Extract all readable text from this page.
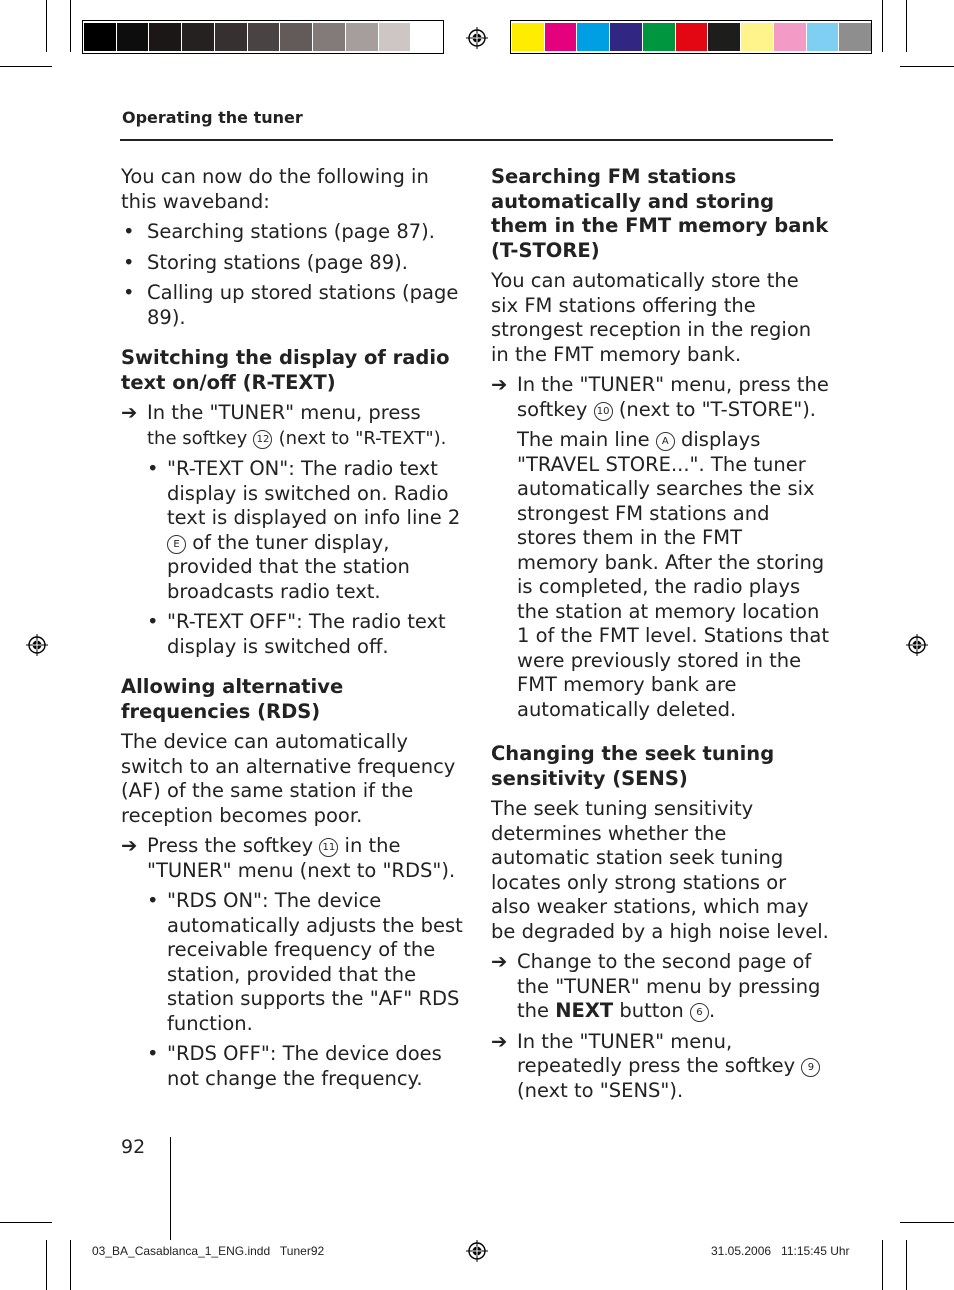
Operating the tuner

You can now do the following in this waveband:

• Searching stations (page 87).

• Storing stations (page 89).

• Calling up stored stations (page 89).

Switching the display of radio text on/off (R-TEXT)

➔ In the "TUNER" menu, press
the softkey 12 (next to "R-TEXT").

• "R-TEXT ON": The radio text display is switched on. Radio text is displayed on info line 2 E of the tuner display, provided that the station broadcasts radio text.

• "R-TEXT OFF": The radio text display is switched off.

Allowing alternative frequencies (RDS)

The device can automatically switch to an alternative frequency (AF) of the same station if the reception becomes poor.

➔ Press the softkey 11 in the "TUNER" menu (next to "RDS").

• "RDS ON": The device automatically adjusts the best receivable frequency of the station, provided that the station supports the "AF" RDS function.

• "RDS OFF": The device does not change the frequency.

Searching FM stations automatically and storing them in the FMT memory bank (T-STORE)

You can automatically store the six FM stations offering the strongest reception in the region in the FMT memory bank.

➔ In the "TUNER" menu, press the softkey 10 (next to "T-STORE").

The main line A displays "TRAVEL STORE...". The tuner automatically searches the six strongest FM stations and stores them in the FMT memory bank. After the storing is completed, the radio plays the station at memory location 1 of the FMT level. Stations that were previously stored in the FMT memory bank are automatically deleted.

Changing the seek tuning sensitivity (SENS)

The seek tuning sensitivity determines whether the automatic station seek tuning locates only strong stations or also weaker stations, which may be degraded by a high noise level.

➔ Change to the second page of the "TUNER" menu by pressing the NEXT button 6 .

➔ In the "TUNER" menu, repeatedly press the softkey 9 (next to "SENS").

92
03_BA_Casablanca_1_ENG.indd   Tuner92	31.05.2006   11:15:45 Uhr
